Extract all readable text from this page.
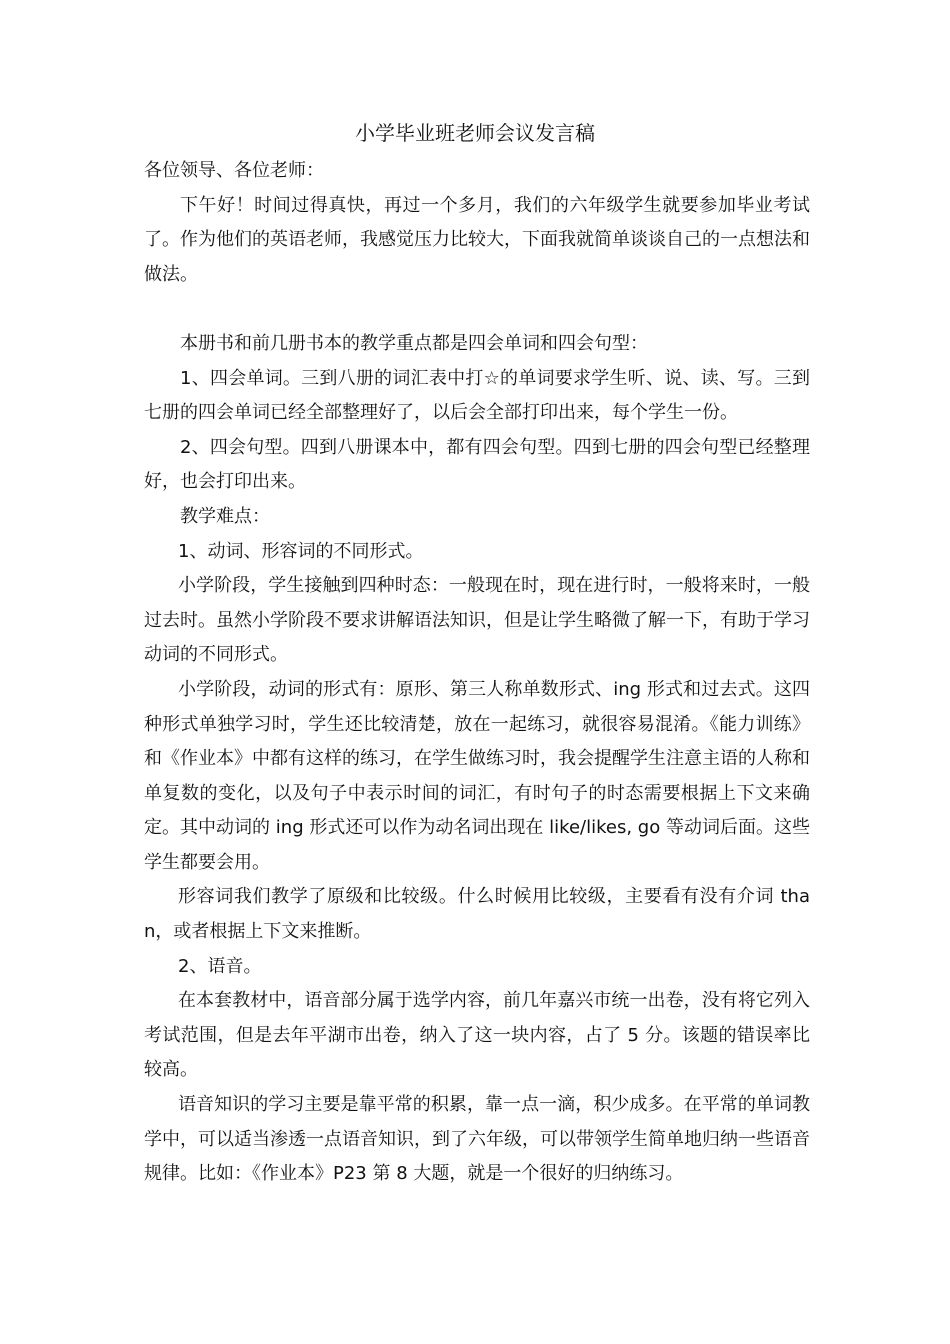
小学毕业班老师会议发言稿

各位领导、各位老师：

下午好！时间过得真快，再过一个多月，我们的六年级学生就要参加毕业考试了。作为他们的英语老师，我感觉压力比较大，下面我就简单谈谈自己的一点想法和做法。

本册书和前几册书本的教学重点都是四会单词和四会句型：

1、四会单词。三到八册的词汇表中打☆的单词要求学生听、说、读、写。三到七册的四会单词已经全部整理好了，以后会全部打印出来，每个学生一份。

2、四会句型。四到八册课本中，都有四会句型。四到七册的四会句型已经整理好，也会打印出来。

教学难点：

1、动词、形容词的不同形式。

小学阶段，学生接触到四种时态：一般现在时，现在进行时，一般将来时，一般过去时。虽然小学阶段不要求讲解语法知识，但是让学生略微了解一下，有助于学习动词的不同形式。

小学阶段，动词的形式有：原形、第三人称单数形式、ing 形式和过去式。这四种形式单独学习时，学生还比较清楚，放在一起练习，就很容易混淆。《能力训练》和《作业本》中都有这样的练习，在学生做练习时，我会提醒学生注意主语的人称和单复数的变化，以及句子中表示时间的词汇，有时句子的时态需要根据上下文来确定。其中动词的 ing 形式还可以作为动名词出现在 like/likes, go 等动词后面。这些学生都要会用。

形容词我们教学了原级和比较级。什么时候用比较级，主要看有没有介词 than，或者根据上下文来推断。

2、语音。

在本套教材中，语音部分属于选学内容，前几年嘉兴市统一出卷，没有将它列入考试范围，但是去年平湖市出卷，纳入了这一块内容，占了 5 分。该题的错误率比较高。

语音知识的学习主要是靠平常的积累，靠一点一滴，积少成多。在平常的单词教学中，可以适当渗透一点语音知识，到了六年级，可以带领学生简单地归纳一些语音规律。比如：《作业本》P23 第 8 大题，就是一个很好的归纳练习。
